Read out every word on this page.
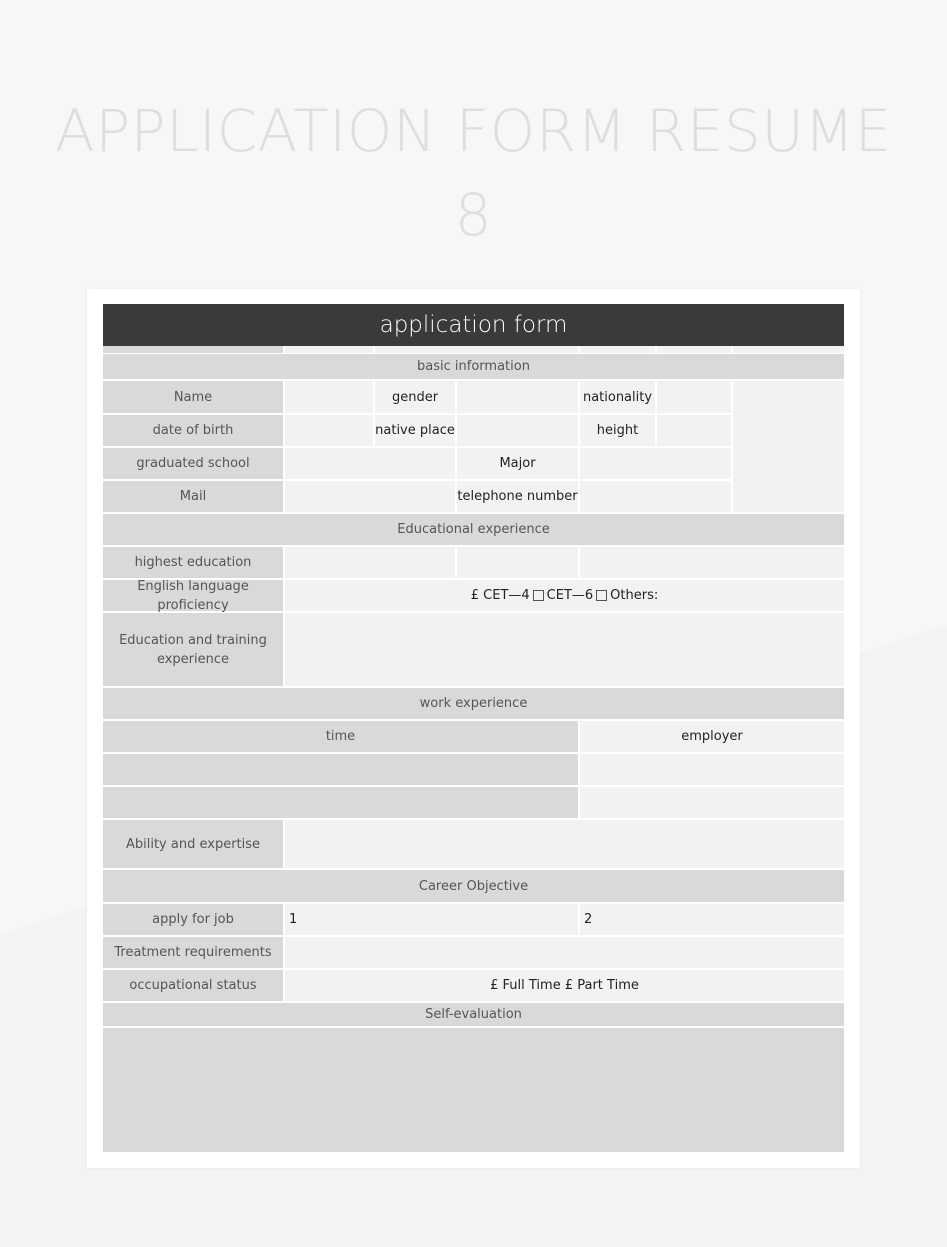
APPLICATION FORM RESUME
8
application form
basic information
Name	gender	nationality
date of birth	native place	height
graduated school	Major
Mail	telephone number
Educational experience
highest education
English language proficiency
£ CET—4 CET—6 Others:
Education and training experience
work experience
time	employer
Ability and expertise
Career Objective
apply for job	1	2
Treatment requirements
occupational status	£ Full Time £ Part Time
Self-evaluation
